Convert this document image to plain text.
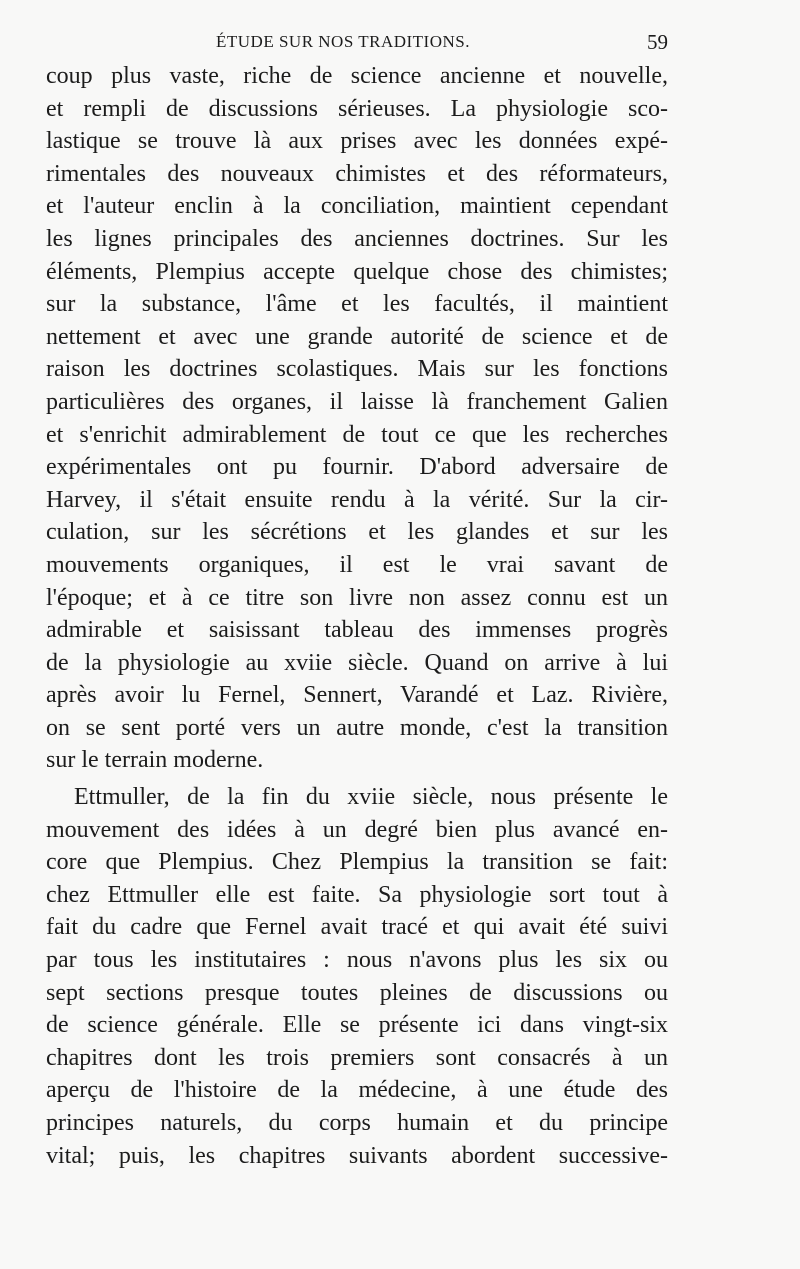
ÉTUDE SUR NOS TRADITIONS.	59
coup plus vaste, riche de science ancienne et nouvelle,
et rempli de discussions sérieuses. La physiologie sco-
lastique se trouve là aux prises avec les données expé-
rimentales des nouveaux chimistes et des réformateurs,
et l'auteur enclin à la conciliation, maintient cependant
les lignes principales des anciennes doctrines. Sur les
éléments, Plempius accepte quelque chose des chimistes;
sur la substance, l'âme et les facultés, il maintient
nettement et avec une grande autorité de science et de
raison les doctrines scolastiques. Mais sur les fonctions
particulières des organes, il laisse là franchement Galien
et s'enrichit admirablement de tout ce que les recherches
expérimentales ont pu fournir. D'abord adversaire de
Harvey, il s'était ensuite rendu à la vérité. Sur la cir-
culation, sur les sécrétions et les glandes et sur les
mouvements organiques, il est le vrai savant de
l'époque; et à ce titre son livre non assez connu est un
admirable et saisissant tableau des immenses progrès
de la physiologie au xviie siècle. Quand on arrive à lui
après avoir lu Fernel, Sennert, Varandé et Laz. Rivière,
on se sent porté vers un autre monde, c'est la transition
sur le terrain moderne.
Ettmuller, de la fin du xviie siècle, nous présente le
mouvement des idées à un degré bien plus avancé en-
core que Plempius. Chez Plempius la transition se fait:
chez Ettmuller elle est faite. Sa physiologie sort tout à
fait du cadre que Fernel avait tracé et qui avait été suivi
par tous les institutaires : nous n'avons plus les six ou
sept sections presque toutes pleines de discussions ou
de science générale. Elle se présente ici dans vingt-six
chapitres dont les trois premiers sont consacrés à un
aperçu de l'histoire de la médecine, à une étude des
principes naturels, du corps humain et du principe
vital; puis, les chapitres suivants abordent successive-
